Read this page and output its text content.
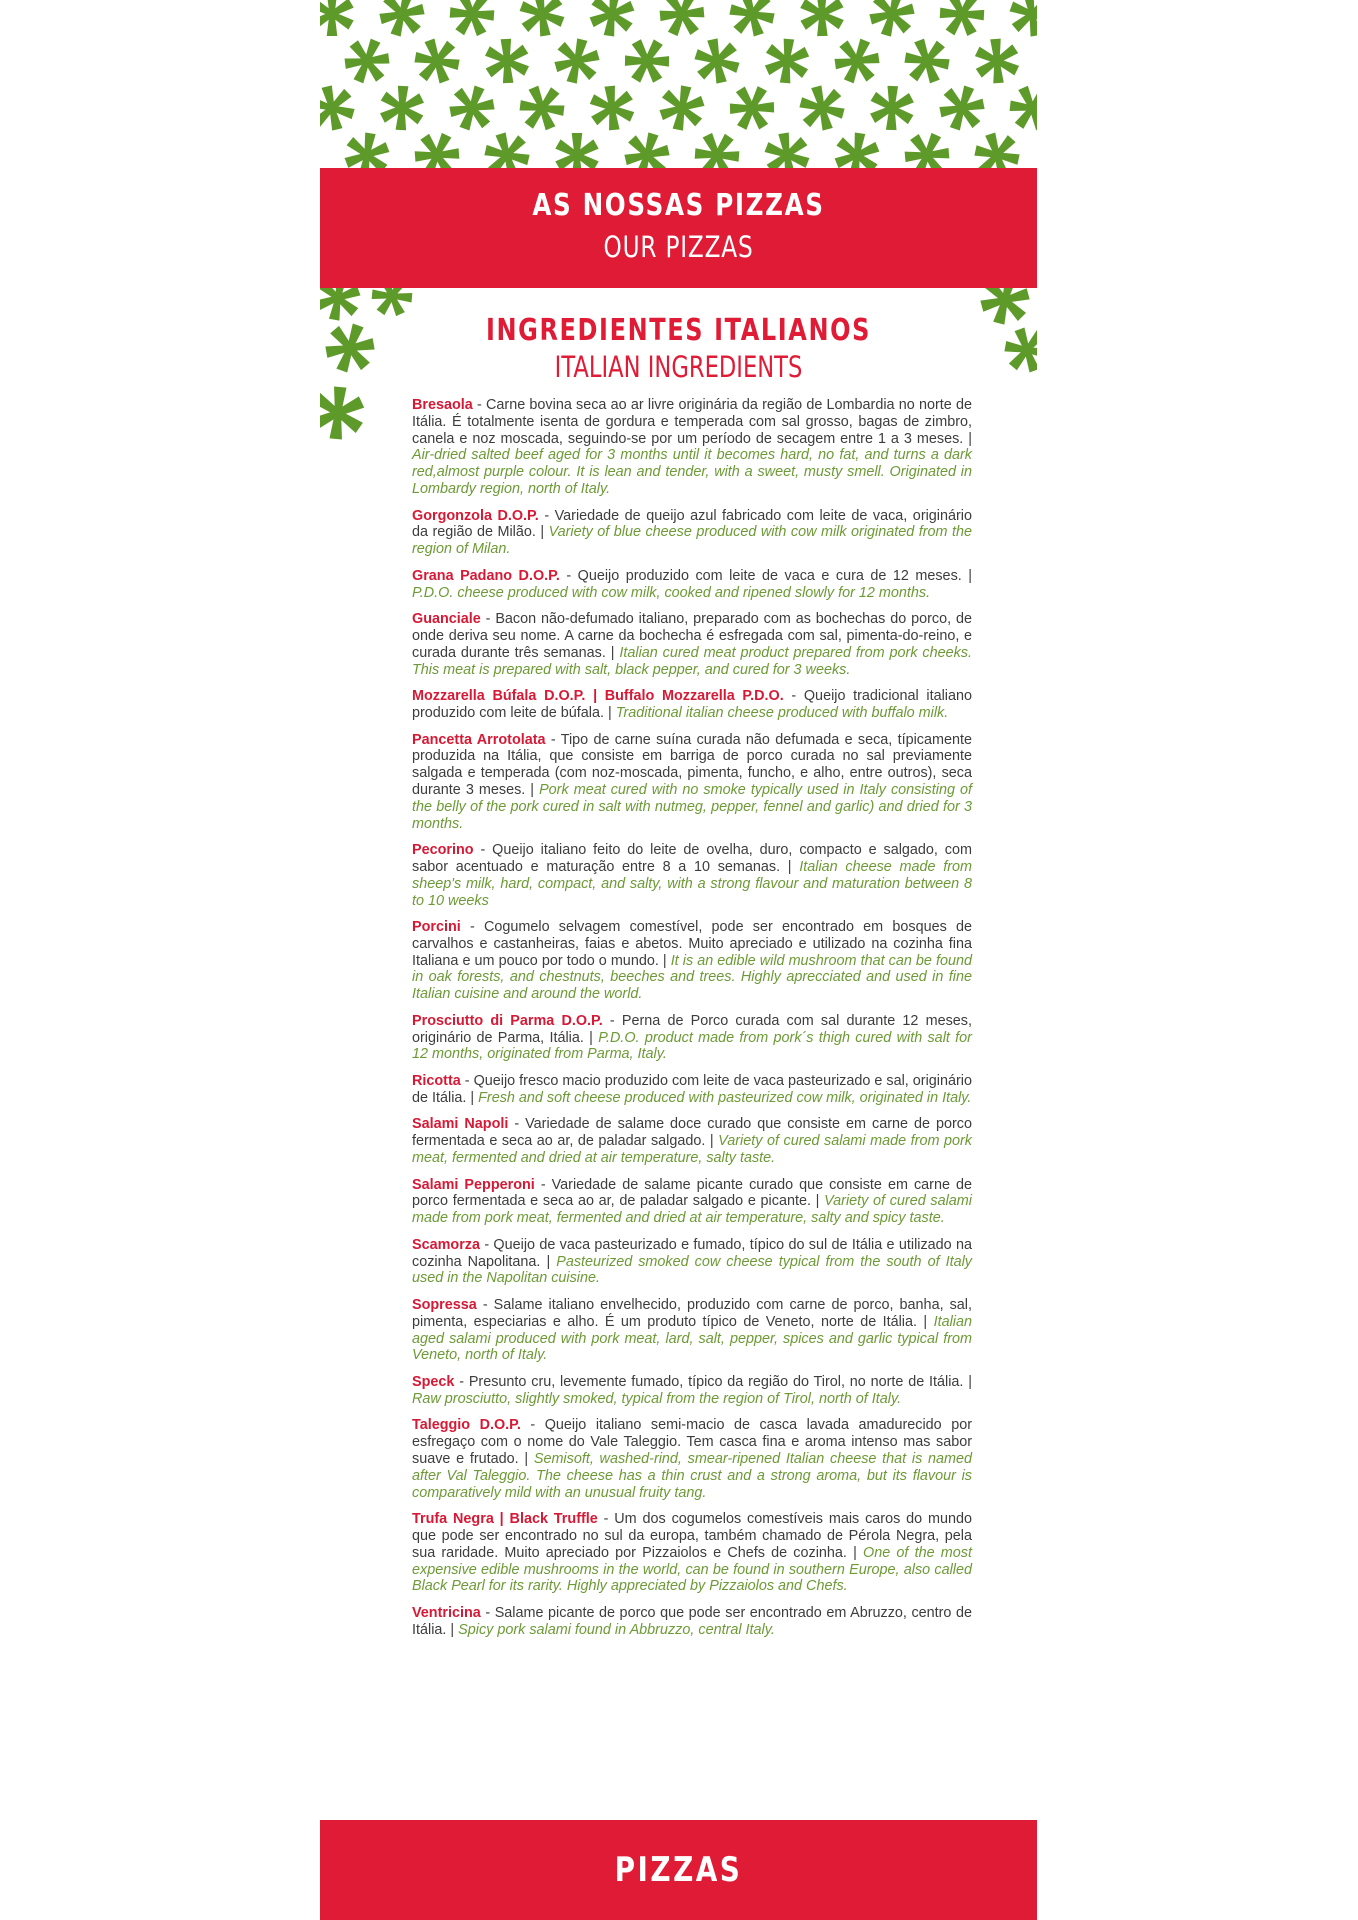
AS NOSSAS PIZZAS
OUR PIZZAS
INGREDIENTES ITALIANOS
ITALIAN INGREDIENTS

Bresaola - Carne bovina seca ao ar livre originária da região de Lombardia no norte de Itália. É totalmente isenta de gordura e temperada com sal grosso, bagas de zimbro, canela e noz moscada, seguindo-se por um período de secagem entre 1 a 3 meses. | Air-dried salted beef aged for 3 months until it becomes hard, no fat, and turns a dark red,almost purple colour. It is lean and tender, with a sweet, musty smell. Originated in Lombardy region, north of Italy.

Gorgonzola D.O.P. - Variedade de queijo azul fabricado com leite de vaca, originário da região de Milão. | Variety of blue cheese produced with cow milk originated from the region of Milan.

Grana Padano D.O.P. - Queijo produzido com leite de vaca e cura de 12 meses. | P.D.O. cheese produced with cow milk, cooked and ripened slowly for 12 months.

Guanciale - Bacon não-defumado italiano, preparado com as bochechas do porco, de onde deriva seu nome. A carne da bochecha é esfregada com sal, pimenta-do-reino, e curada durante três semanas. | Italian cured meat product prepared from pork cheeks. This meat is prepared with salt, black pepper, and cured for 3 weeks.

Mozzarella Búfala D.O.P. | Buffalo Mozzarella P.D.O. - Queijo tradicional italiano produzido com leite de búfala. | Traditional italian cheese produced with buffalo milk.

Pancetta Arrotolata - Tipo de carne suína curada não defumada e seca, típicamente produzida na Itália, que consiste em barriga de porco curada no sal previamente salgada e temperada (com noz-moscada, pimenta, funcho, e alho, entre outros), seca durante 3 meses. | Pork meat cured with no smoke typically used in Italy consisting of the belly of the pork cured in salt with nutmeg, pepper, fennel and garlic) and dried for 3 months.

Pecorino - Queijo italiano feito do leite de ovelha, duro, compacto e salgado, com sabor acentuado e maturação entre 8 a 10 semanas. | Italian cheese made from sheep's milk, hard, compact, and salty, with a strong flavour and maturation between 8 to 10 weeks

Porcini - Cogumelo selvagem comestível, pode ser encontrado em bosques de carvalhos e castanheiras, faias e abetos. Muito apreciado e utilizado na cozinha fina Italiana e um pouco por todo o mundo. | It is an edible wild mushroom that can be found in oak forests, and chestnuts, beeches and trees. Highly aprecciated and used in fine Italian cuisine and around the world.

Prosciutto di Parma D.O.P. - Perna de Porco curada com sal durante 12 meses, originário de Parma, Itália. | P.D.O. product made from pork´s thigh cured with salt for 12 months, originated from Parma, Italy.

Ricotta - Queijo fresco macio produzido com leite de vaca pasteurizado e sal, originário de Itália. | Fresh and soft cheese produced with pasteurized cow milk, originated in Italy.

Salami Napoli - Variedade de salame doce curado que consiste em carne de porco fermentada e seca ao ar, de paladar salgado. | Variety of cured salami made from pork meat, fermented and dried at air temperature, salty taste.

Salami Pepperoni - Variedade de salame picante curado que consiste em carne de porco fermentada e seca ao ar, de paladar salgado e picante. | Variety of cured salami made from pork meat, fermented and dried at air temperature, salty and spicy taste.

Scamorza - Queijo de vaca pasteurizado e fumado, típico do sul de Itália e utilizado na cozinha Napolitana. | Pasteurized smoked cow cheese typical from the south of Italy used in the Napolitan cuisine.

Sopressa - Salame italiano envelhecido, produzido com carne de porco, banha, sal, pimenta, especiarias e alho. É um produto típico de Veneto, norte de Itália. | Italian aged salami produced with pork meat, lard, salt, pepper, spices and garlic typical from Veneto, north of Italy.

Speck - Presunto cru, levemente fumado, típico da região do Tirol, no norte de Itália. | Raw prosciutto, slightly smoked, typical from the region of Tirol, north of Italy.

Taleggio D.O.P. - Queijo italiano semi-macio de casca lavada amadurecido por esfregaço com o nome do Vale Taleggio. Tem casca fina e aroma intenso mas sabor suave e frutado. | Semisoft, washed-rind, smear-ripened Italian cheese that is named after Val Taleggio. The cheese has a thin crust and a strong aroma, but its flavour is comparatively mild with an unusual fruity tang.

Trufa Negra | Black Truffle - Um dos cogumelos comestíveis mais caros do mundo que pode ser encontrado no sul da europa, também chamado de Pérola Negra, pela sua raridade. Muito apreciado por Pizzaiolos e Chefs de cozinha. | One of the most expensive edible mushrooms in the world, can be found in southern Europe, also called Black Pearl for its rarity. Highly appreciated by Pizzaiolos and Chefs.

Ventricina - Salame picante de porco que pode ser encontrado em Abruzzo, centro de Itália. | Spicy pork salami found in Abbruzzo, central Italy.

PIZZAS
